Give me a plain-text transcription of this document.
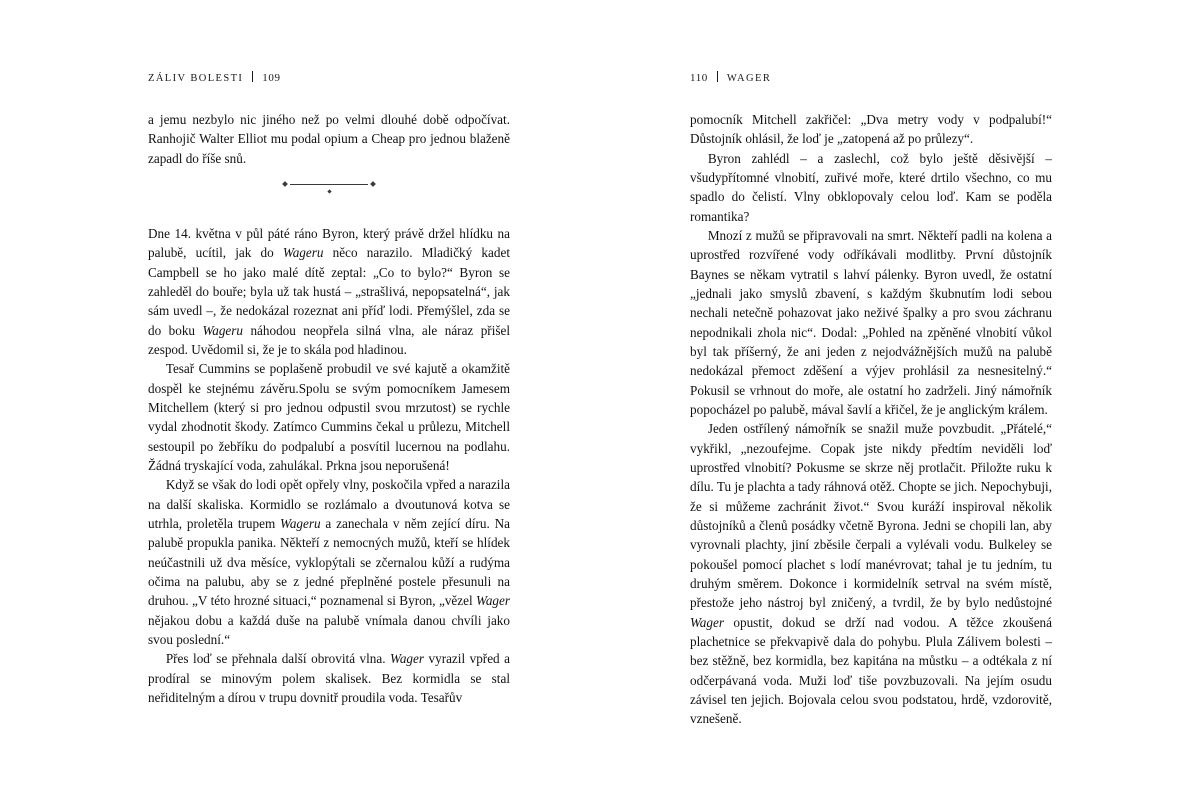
ZÁLIV BOLESTI 109

a jemu nezbylo nic jiného než po velmi dlouhé době odpočívat. Ranhojič Walter Elliot mu podal opium a Cheap pro jednou blaženě zapadl do říše snů.

Dne 14. května v půl páté ráno Byron, který právě držel hlídku na palubě, ucítil, jak do Wageru něco narazilo. Mladičký kadet Campbell se ho jako malé dítě zeptal: „Co to bylo?“ Byron se zahleděl do bouře; byla už tak hustá – „strašlivá, nepopsatelná“, jak sám uvedl –, že nedokázal rozeznat ani příď lodi. Přemýšlel, zda se do boku Wageru náhodou neopřela silná vlna, ale náraz přišel zespod. Uvědomil si, že je to skála pod hladinou.

Tesař Cummins se poplašeně probudil ve své kajutě a okamžitě dospěl ke stejnému závěru.Spolu se svým pomocníkem Jamesem Mitchellem (který si pro jednou odpustil svou mrzutost) se rychle vydal zhodnotit škody. Zatímco Cummins čekal u průlezu, Mitchell sestoupil po žebříku do podpalubí a posvítil lucernou na podlahu. Žádná tryskající voda, zahulákal. Prkna jsou neporušená!

Když se však do lodi opět opřely vlny, poskočila vpřed a narazila na další skaliska. Kormidlo se rozlámalo a dvoutunová kotva se utrhla, proletěla trupem Wageru a zanechala v něm zející díru. Na palubě propukla panika. Někteří z nemocných mužů, kteří se hlídek neúčastnili už dva měsíce, vyklopýtali se zčernalou kůží a rudýma očima na palubu, aby se z jedné přeplněné postele přesunuli na druhou. „V této hrozné situaci,“ poznamenal si Byron, „vězel Wager nějakou dobu a každá duše na palubě vnímala danou chvíli jako svou poslední.“

Přes loď se přehnala další obrovitá vlna. Wager vyrazil vpřed a prodíral se minovým polem skalisek. Bez kormidla se stal neřiditelným a dírou v trupu dovnitř proudila voda. Tesařův

110 WAGER

pomocník Mitchell zakřičel: „Dva metry vody v podpalubí!“ Důstojník ohlásil, že loď je „zatopená až po průlezy“.

Byron zahlédl – a zaslechl, což bylo ještě děsivější – všudypřítomné vlnobití, zuřivé moře, které drtilo všechno, co mu spadlo do čelistí. Vlny obklopovaly celou loď. Kam se poděla romantika?

Mnozí z mužů se připravovali na smrt. Někteří padli na kolena a uprostřed rozvířené vody odříkávali modlitby. První důstojník Baynes se někam vytratil s lahví pálenky. Byron uvedl, že ostatní „jednali jako smyslů zbavení, s každým škubnutím lodi sebou nechali netečně pohazovat jako neživé špalky a pro svou záchranu nepodnikali zhola nic“. Dodal: „Pohled na zpěněné vlnobití vůkol byl tak příšerný, že ani jeden z nejodvážnějších mužů na palubě nedokázal přemoct zděšení a výjev prohlásil za nesnesitelný.“ Pokusil se vrhnout do moře, ale ostatní ho zadrželi. Jiný námořník popocházel po palubě, mával šavlí a křičel, že je anglickým králem.

Jeden ostřílený námořník se snažil muže povzbudit. „Přátelé,“ vykřikl, „nezoufejme. Copak jste nikdy předtím neviděli loď uprostřed vlnobití? Pokusme se skrze něj protlačit. Přiložte ruku k dílu. Tu je plachta a tady ráhnová otěž. Chopte se jich. Nepochybuji, že si můžeme zachránit život.“ Svou kuráží inspiroval několik důstojníků a členů posádky včetně Byrona. Jedni se chopili lan, aby vyrovnali plachty, jiní zběsile čerpali a vylévali vodu. Bulkeley se pokoušel pomocí plachet s lodí manévrovat; tahal je tu jedním, tu druhým směrem. Dokonce i kormidelník setrval na svém místě, přestože jeho nástroj byl zničený, a tvrdil, že by bylo nedůstojné Wager opustit, dokud se drží nad vodou. A těžce zkoušená plachetnice se překvapivě dala do pohybu. Plula Zálivem bolesti – bez stěžně, bez kormidla, bez kapitána na můstku – a odtékala z ní odčerpávaná voda. Muži loď tiše povzbuzovali. Na jejím osudu závisel ten jejich. Bojovala celou svou podstatou, hrdě, vzdorovitě, vznešeně.
